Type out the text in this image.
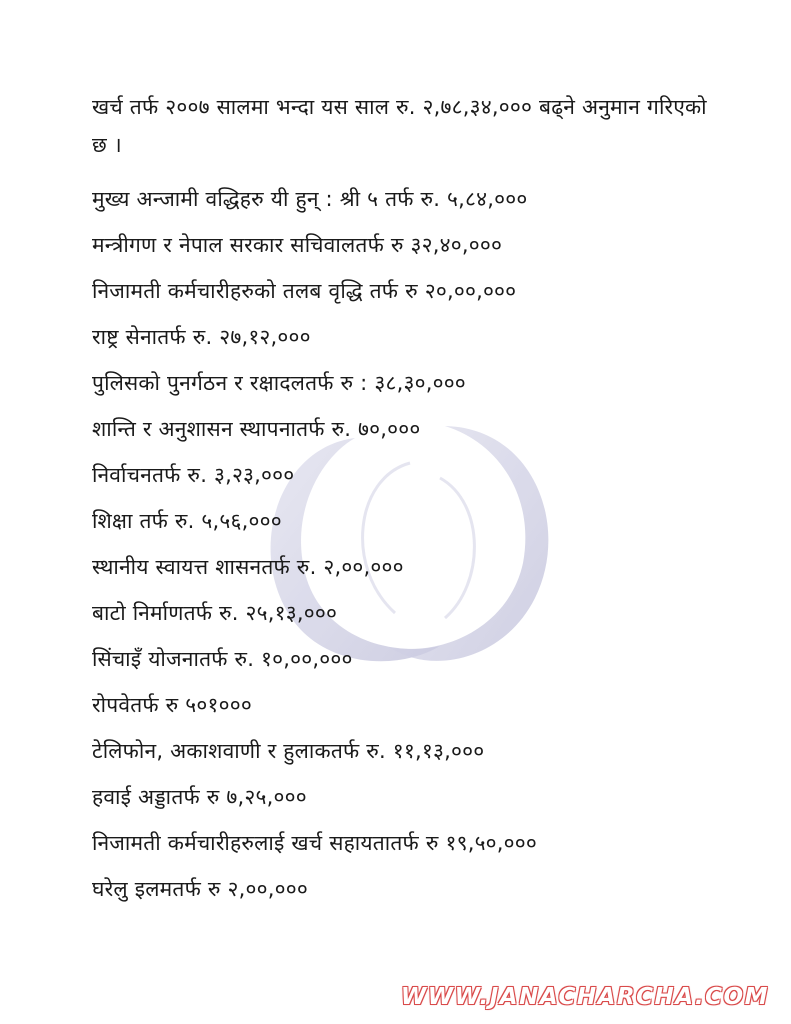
खर्च तर्फ २००७ सालमा भन्दा यस साल रु. २,७८,३४,००० बढ्ने अनुमान गरिएको छ ।

मुख्य अन्जामी वद्धिहरु यी हुन् : श्री ५ तर्फ रु. ५,८४,०००

मन्त्रीगण र नेपाल सरकार सचिवालतर्फ रु ३२,४०,०००

निजामती कर्मचारीहरुको तलब वृद्धि तर्फ रु २०,००,०००

राष्ट्र सेनातर्फ रु. २७,१२,०००

पुलिसको पुनर्गठन र रक्षादलतर्फ रु : ३८,३०,०००

शान्ति र अनुशासन स्थापनातर्फ रु. ७०,०००

निर्वाचनतर्फ रु. ३,२३,०००

शिक्षा तर्फ रु. ५,५६,०००

स्थानीय स्वायत्त शासनतर्फ रु. २,००,०००

बाटो निर्माणतर्फ रु. २५,१३,०००

सिंचाइँ योजनातर्फ रु. १०,००,०००

रोपवेतर्फ रु ५०१०००

टेलिफोन, अकाशवाणी र हुलाकतर्फ रु. ११,१३,०००

हवाई अड्डातर्फ रु ७,२५,०००

निजामती कर्मचारीहरुलाई खर्च सहायतातर्फ रु १९,५०,०००

घरेलु इलमतर्फ रु २,००,०००

WWW.JANACHARCHA.COM
